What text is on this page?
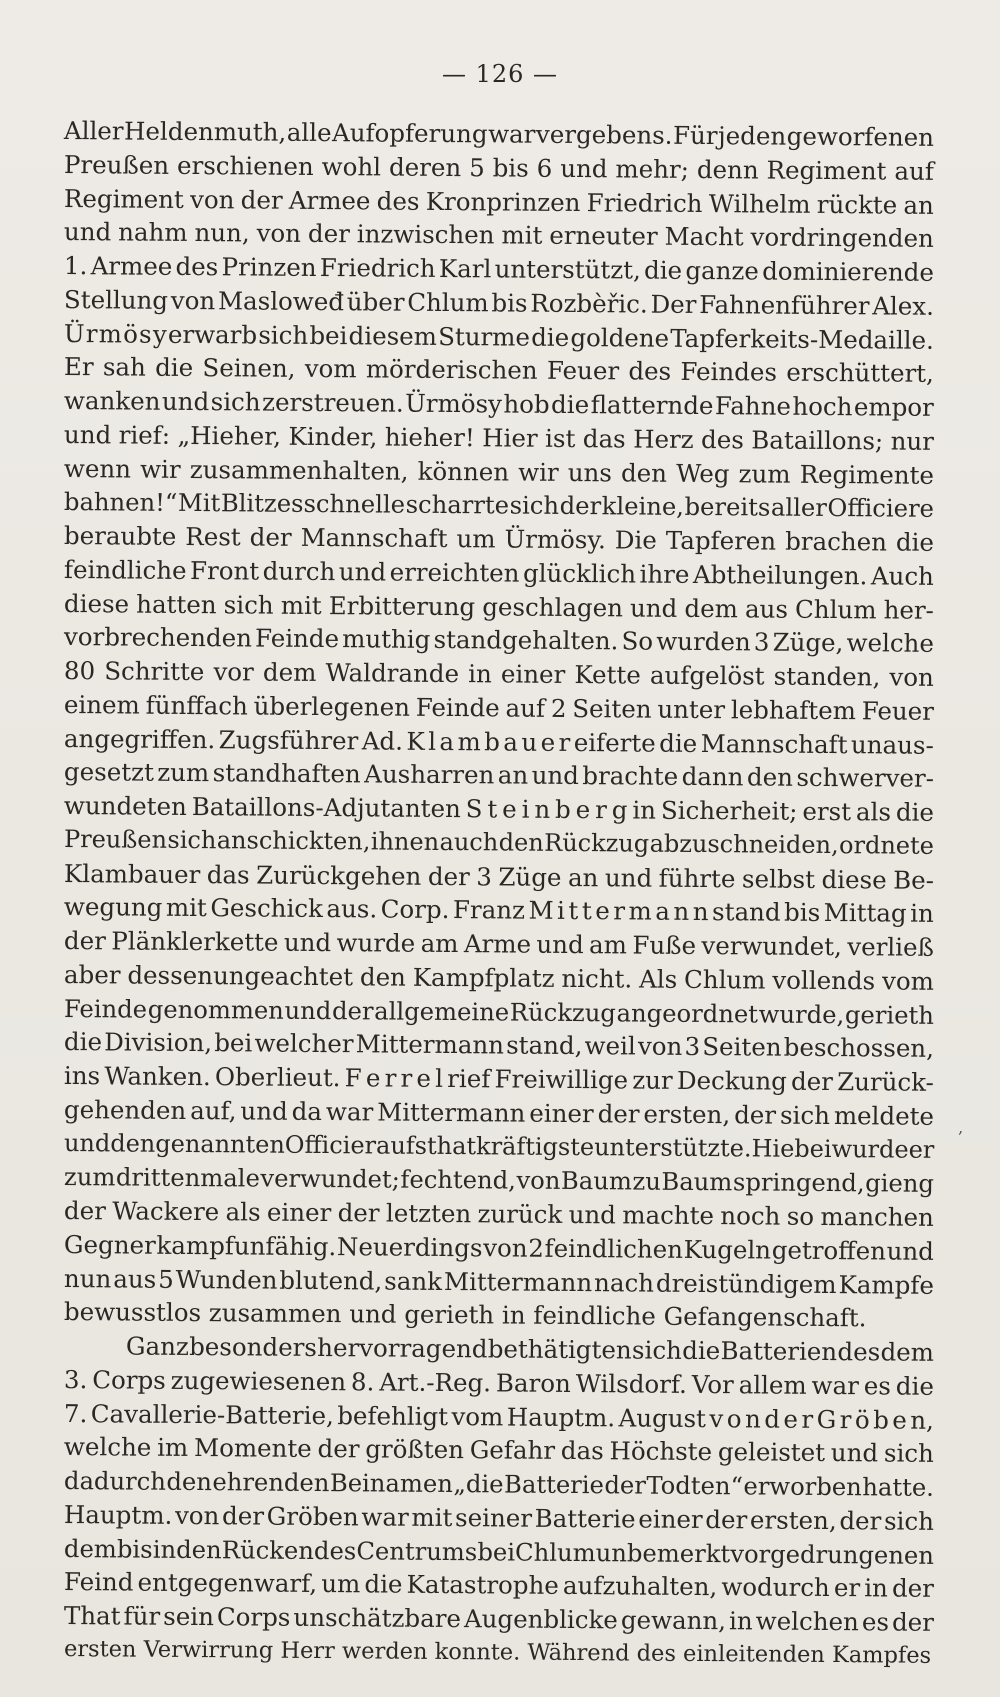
— 126 —
Aller Heldenmuth, alle Aufopferung war vergebens. Für jeden geworfenen
Preußen erschienen wohl deren 5 bis 6 und mehr; denn Regiment auf
Regiment von der Armee des Kronprinzen Friedrich Wilhelm rückte an
und nahm nun, von der inzwischen mit erneuter Macht vordringenden
1. Armee des Prinzen Friedrich Karl unterstützt, die ganze dominierende
Stellung von Masloweđ über Chlum bis Rozbèřic. Der Fahnenführer Alex.
Ü r m ö s y erwarb sich bei diesem Sturme die goldene Tapferkeits-Medaille.
Er sah die Seinen, vom mörderischen Feuer des Feindes erschüttert,
wanken und sich zerstreuen. Ürmösy hob die flatternde Fahne hoch empor
und rief: „Hieher, Kinder, hieher! Hier ist das Herz des Bataillons; nur
wenn wir zusammenhalten, können wir uns den Weg zum Regimente
bahnen!“ Mit Blitzesschnelle scharrte sich der kleine, bereits aller Officiere
beraubte Rest der Mannschaft um Ürmösy. Die Tapferen brachen die
feindliche Front durch und erreichten glücklich ihre Abtheilungen. Auch
diese hatten sich mit Erbitterung geschlagen und dem aus Chlum her-
vorbrechenden Feinde muthig standgehalten. So wurden 3 Züge, welche
80 Schritte vor dem Waldrande in einer Kette aufgelöst standen, von
einem fünffach überlegenen Feinde auf 2 Seiten unter lebhaftem Feuer
angegriffen. Zugsführer Ad. K l a m b a u e r eiferte die Mannschaft unaus-
gesetzt zum standhaften Ausharren an und brachte dann den schwerver-
wundeten Bataillons-Adjutanten S t e i n b e r g in Sicherheit; erst als die
Preußen sich anschickten, ihnen auch den Rückzug abzuschneiden, ordnete
Klambauer das Zurückgehen der 3 Züge an und führte selbst diese Be-
wegung mit Geschick aus. Corp. Franz M i t t e r m a n n stand bis Mittag in
der Plänklerkette und wurde am Arme und am Fuße verwundet, verließ
aber dessenungeachtet den Kampfplatz nicht. Als Chlum vollends vom
Feinde genommen und der allgemeine Rückzug angeordnet wurde, gerieth
die Division, bei welcher Mittermann stand, weil von 3 Seiten beschossen,
ins Wanken. Oberlieut. F e r r e l rief Freiwillige zur Deckung der Zurück-
gehenden auf, und da war Mittermann einer der ersten, der sich meldete
und den genannten Officier aufs thatkräftigste unterstützte. Hiebei wurde er
zum drittenmale verwundet; fechtend, von Baum zu Baum springend, gieng
der Wackere als einer der letzten zurück und machte noch so manchen
Gegner kampfunfähig. Neuerdings von 2 feindlichen Kugeln getroffen und
nun aus 5 Wunden blutend, sank Mittermann nach dreistündigem Kampfe
bewusstlos zusammen und gerieth in feindliche Gefangenschaft.
Ganz besonders hervorragend bethätigten sich die Batterien des dem
3. Corps zugewiesenen 8. Art.-Reg. Baron Wilsdorf. Vor allem war es die
7. Cavallerie-Batterie, befehligt vom Hauptm. August v o n d e r G r ö b e n,
welche im Momente der größten Gefahr das Höchste geleistet und sich
dadurch den ehrenden Beinamen „die Batterie der Todten“ erworben hatte.
Hauptm. von der Gröben war mit seiner Batterie einer der ersten, der sich
dem bis in den Rücken des Centrums bei Chlum unbemerkt vorgedrungenen
Feind entgegenwarf, um die Katastrophe aufzuhalten, wodurch er in der
That für sein Corps unschätzbare Augenblicke gewann, in welchen es der
ersten Verwirrung Herr werden konnte. Während des einleitenden Kampfes
‚
